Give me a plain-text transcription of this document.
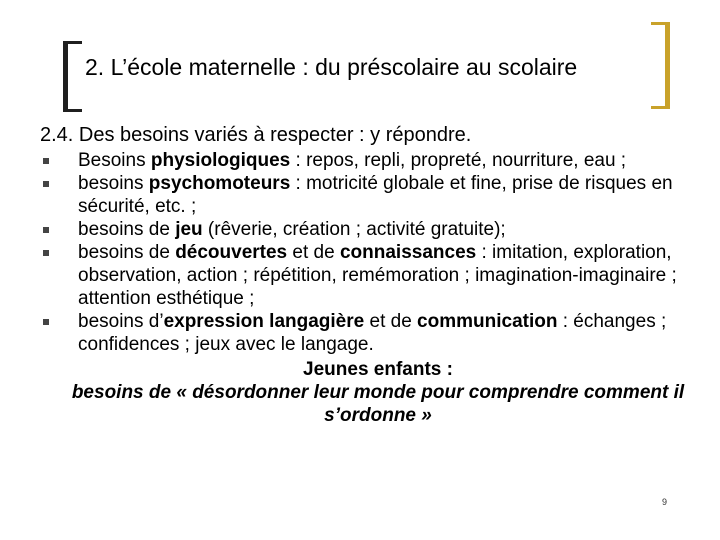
2. L’école maternelle : du préscolaire au scolaire
2.4. Des besoins variés à respecter : y répondre.
Besoins physiologiques : repos, repli, propreté, nourriture, eau ;
besoins psychomoteurs : motricité globale et fine, prise de risques en sécurité, etc. ;
besoins de jeu (rêverie, création ; activité gratuite);
besoins de découvertes et de connaissances : imitation, exploration, observation, action ; répétition, remémoration ; imagination-imaginaire ; attention esthétique ;
besoins d’expression langagière et de communication : échanges ; confidences ; jeux avec le langage.
Jeunes enfants :
besoins de « désordonner leur monde pour comprendre comment il s’ordonne »
9
